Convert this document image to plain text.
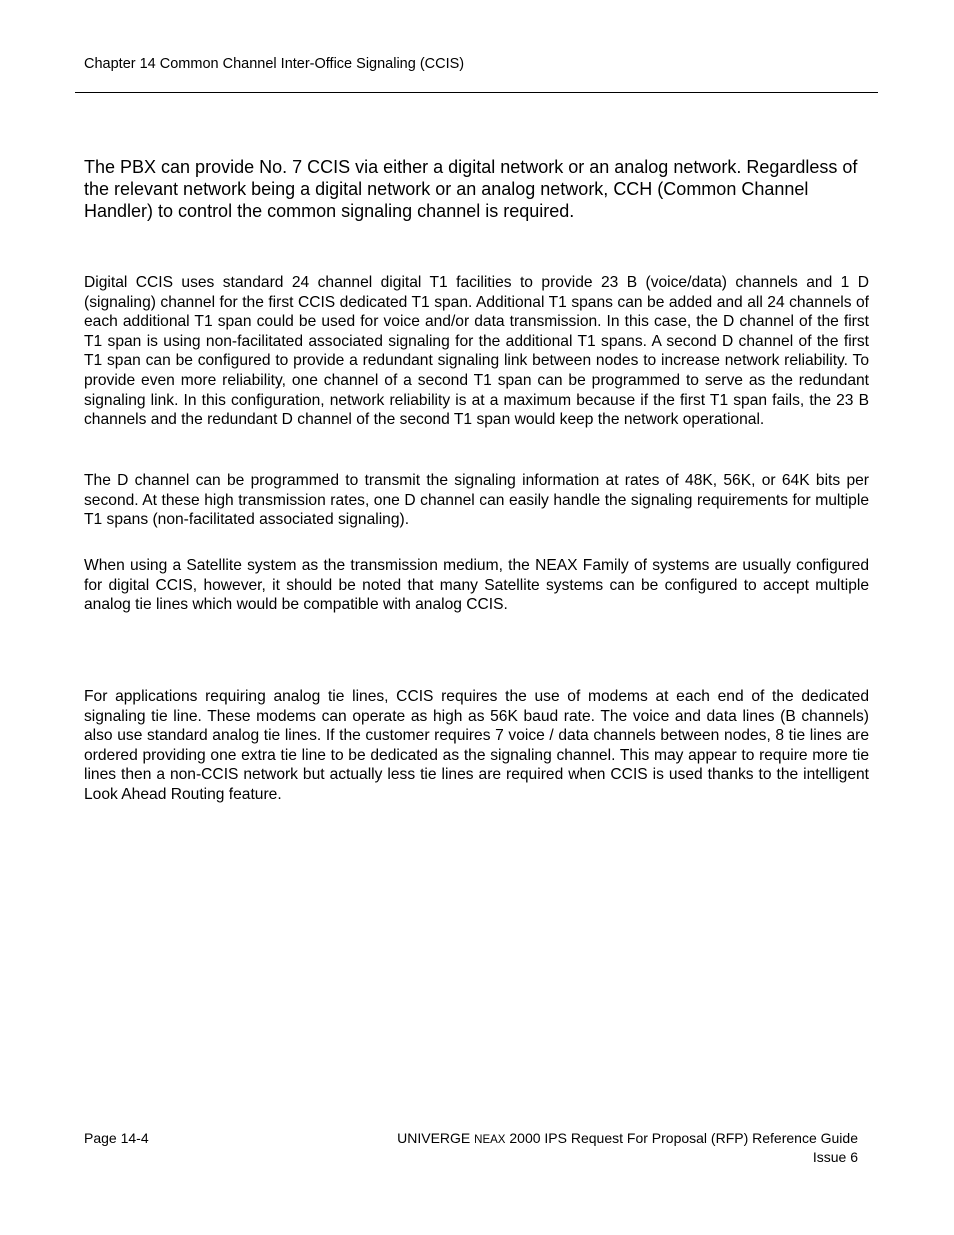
Chapter 14 Common Channel Inter-Office Signaling (CCIS)

The PBX can provide No. 7 CCIS via either a digital network or an analog network. Regardless of the relevant network being a digital network or an analog network, CCH (Common Channel Handler) to control the common signaling channel is required.

Digital CCIS uses standard 24 channel digital T1 facilities to provide 23 B (voice/data) channels and 1 D (signaling) channel for the first CCIS dedicated T1 span. Additional T1 spans can be added and all 24 channels of each additional T1 span could be used for voice and/or data transmission. In this case, the D channel of the first T1 span is using non-facilitated associated signaling for the additional T1 spans. A second D channel of the first T1 span can be configured to provide a redundant signaling link between nodes to increase network reliability. To provide even more reliability, one channel of a second T1 span can be programmed to serve as the redundant signaling link. In this configuration, network reliability is at a maximum because if the first T1 span fails, the 23 B channels and the redundant D channel of the second T1 span would keep the network operational.

The D channel can be programmed to transmit the signaling information at rates of 48K, 56K, or 64K bits per second. At these high transmission rates, one D channel can easily handle the signaling requirements for multiple T1 spans (non-facilitated associated signaling).

When using a Satellite system as the transmission medium, the NEAX Family of systems are usually configured for digital CCIS, however, it should be noted that many Satellite systems can be configured to accept multiple analog tie lines which would be compatible with analog CCIS.

For applications requiring analog tie lines, CCIS requires the use of modems at each end of the dedicated signaling tie line. These modems can operate as high as 56K baud rate. The voice and data lines (B channels) also use standard analog tie lines. If the customer requires 7 voice / data channels between nodes, 8 tie lines are ordered providing one extra tie line to be dedicated as the signaling channel. This may appear to require more tie lines then a non-CCIS network but actually less tie lines are required when CCIS is used thanks to the intelligent Look Ahead Routing feature.

Page 14-4	UNIVERGE NEAX 2000 IPS Request For Proposal (RFP) Reference Guide
Issue 6
